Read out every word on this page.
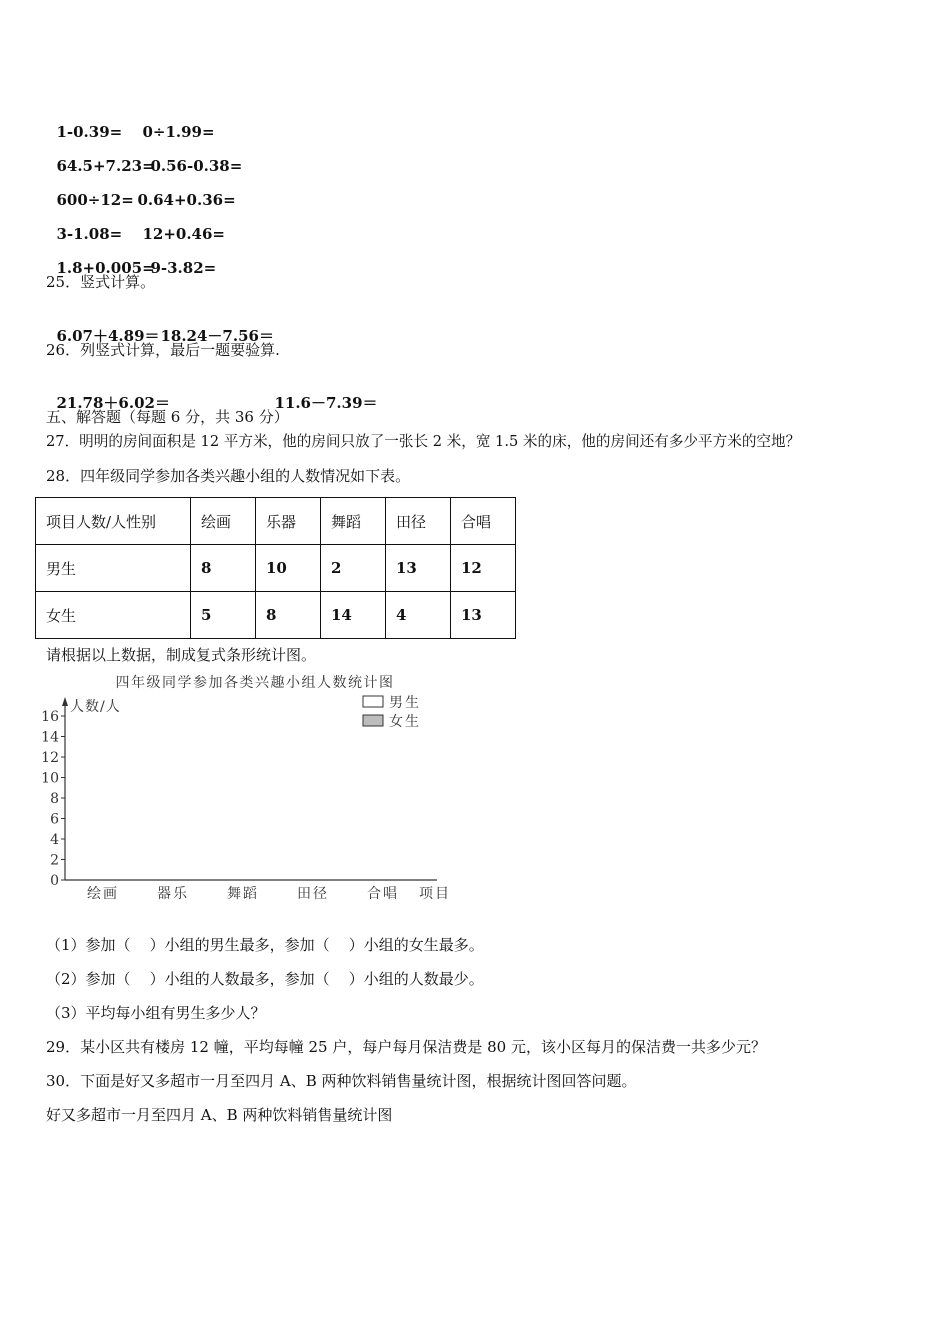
1-0.39= 0÷1.99=

64.5+7.23=0.56-0.38=

600÷12= 0.64+0.36=

3-1.08= 12+0.46=

1.8+0.005=9-3.82=

25．竖式计算。

6.07＋4.89＝18.24－7.56＝

26．列竖式计算，最后一题要验算.

21.78＋6.02＝	11.6－7.39＝

五、解答题（每题 6 分，共 36 分）
27．明明的房间面积是 12 平方米，他的房间只放了一张长 2 米，宽 1.5 米的床，他的房间还有多少平方米的空地？
28．四年级同学参加各类兴趣小组的人数情况如下表。
项目人数/人性别	绘画	乐器	舞蹈	田径	合唱
男生	8	10	2	13	12
女生	5	8	14	4	13
请根据以上数据，制成复式条形统计图。
四年级同学参加各类兴趣小组人数统计图
人数/人	男生
女生
0
2
4
6
8
10
12
14
16
绘画	器乐	舞蹈	田径	合唱 项目
（1）参加（    ）小组的男生最多，参加（    ）小组的女生最多。
（2）参加（    ）小组的人数最多，参加（    ）小组的人数最少。
（3）平均每小组有男生多少人？
29．某小区共有楼房 12 幢，平均每幢 25 户，每户每月保洁费是 80 元，该小区每月的保洁费一共多少元？
30．下面是好又多超市一月至四月 A、B 两种饮料销售量统计图，根据统计图回答问题。
好又多超市一月至四月 A、B 两种饮料销售量统计图
